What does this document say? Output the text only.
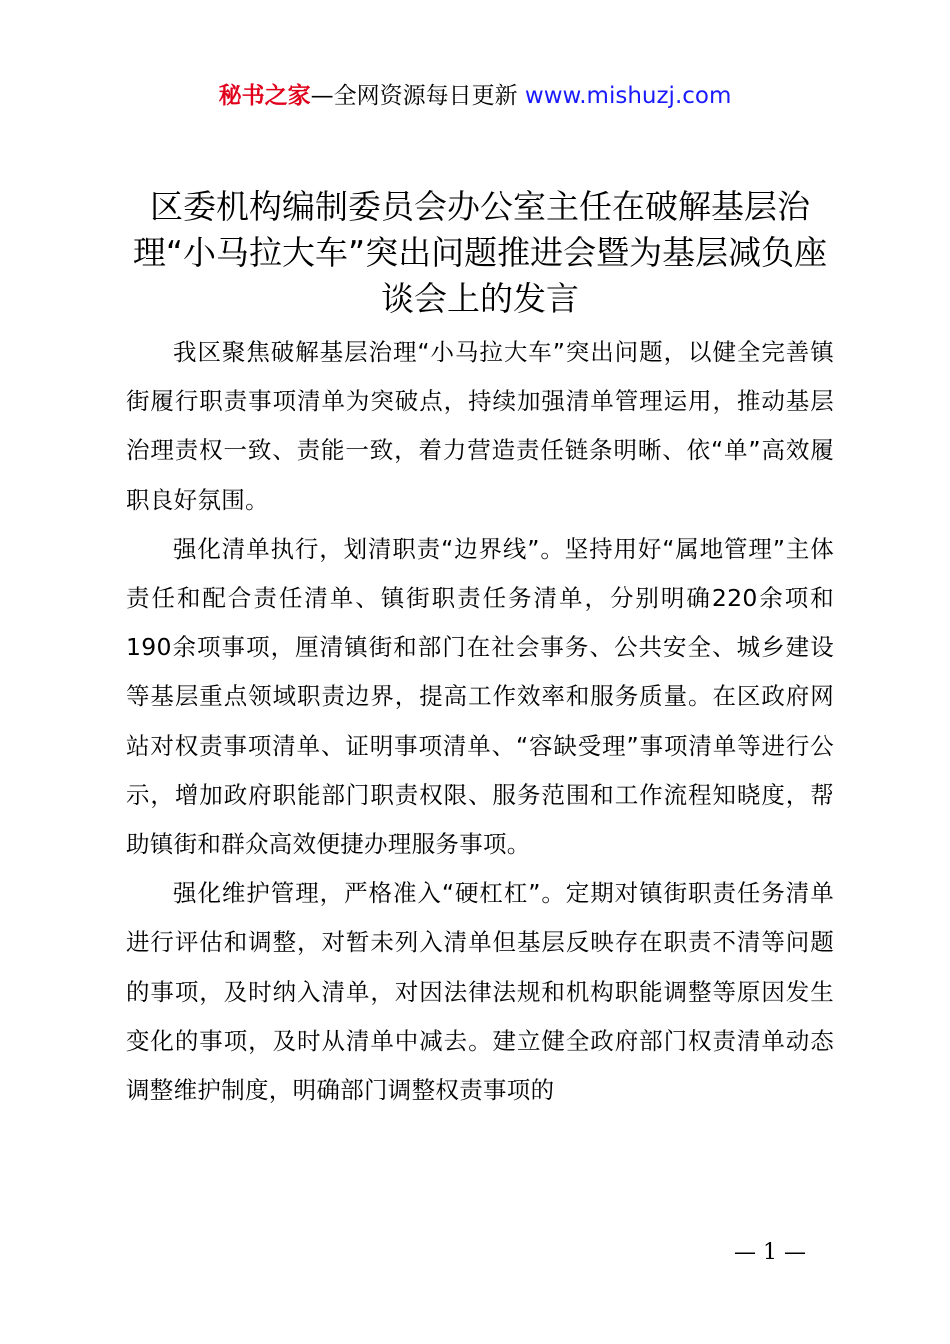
秘书之家—全网资源每日更新 www.mishuzj.com
区委机构编制委员会办公室主任在破解基层治理“小马拉大车”突出问题推进会暨为基层减负座谈会上的发言

我区聚焦破解基层治理“小马拉大车”突出问题，以健全完善镇街履行职责事项清单为突破点，持续加强清单管理运用，推动基层治理责权一致、责能一致，着力营造责任链条明晰、依“单”高效履职良好氛围。

强化清单执行，划清职责“边界线”。坚持用好“属地管理”主体责任和配合责任清单、镇街职责任务清单，分别明确220余项和190余项事项，厘清镇街和部门在社会事务、公共安全、城乡建设等基层重点领域职责边界，提高工作效率和服务质量。在区政府网站对权责事项清单、证明事项清单、“容缺受理”事项清单等进行公示，增加政府职能部门职责权限、服务范围和工作流程知晓度，帮助镇街和群众高效便捷办理服务事项。

强化维护管理，严格准入“硬杠杠”。定期对镇街职责任务清单进行评估和调整，对暂未列入清单但基层反映存在职责不清等问题的事项，及时纳入清单，对因法律法规和机构职能调整等原因发生变化的事项，及时从清单中减去。建立健全政府部门权责清单动态调整维护制度，明确部门调整权责事项的

— 1 —
